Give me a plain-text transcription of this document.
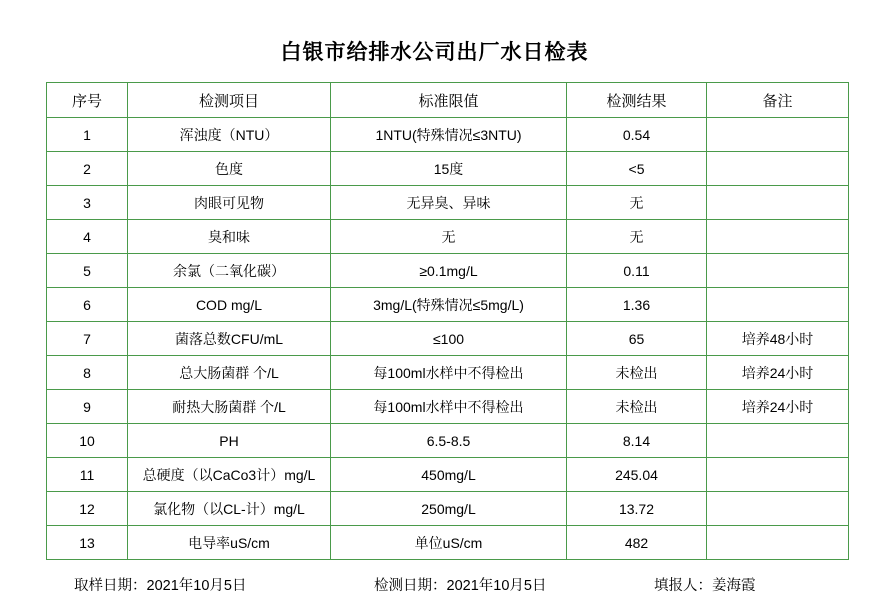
白银市给排水公司出厂水日检表
序号	检测项目	标准限值	检测结果	备注
1	浑浊度（NTU）	1NTU(特殊情况≤3NTU)	0.54	
2	色度	15度	<5	
3	肉眼可见物	无异臭、异味	无	
4	臭和味	无	无	
5	余氯（二氧化碳）	≥0.1mg/L	0.11	
6	COD mg/L	3mg/L(特殊情况≤5mg/L)	1.36	
7	菌落总数CFU/mL	≤100	65	培养48小时
8	总大肠菌群 个/L	每100ml水样中不得检出	未检出	培养24小时
9	耐热大肠菌群 个/L	每100ml水样中不得检出	未检出	培养24小时
10	PH	6.5-8.5	8.14	
11	总硬度（以CaCo3计）mg/L	450mg/L	245.04	
12	氯化物（以CL-计）mg/L	250mg/L	13.72	
13	电导率uS/cm	单位uS/cm	482	
取样日期：2021年10月5日	检测日期：2021年10月5日	填报人：姜海霞
